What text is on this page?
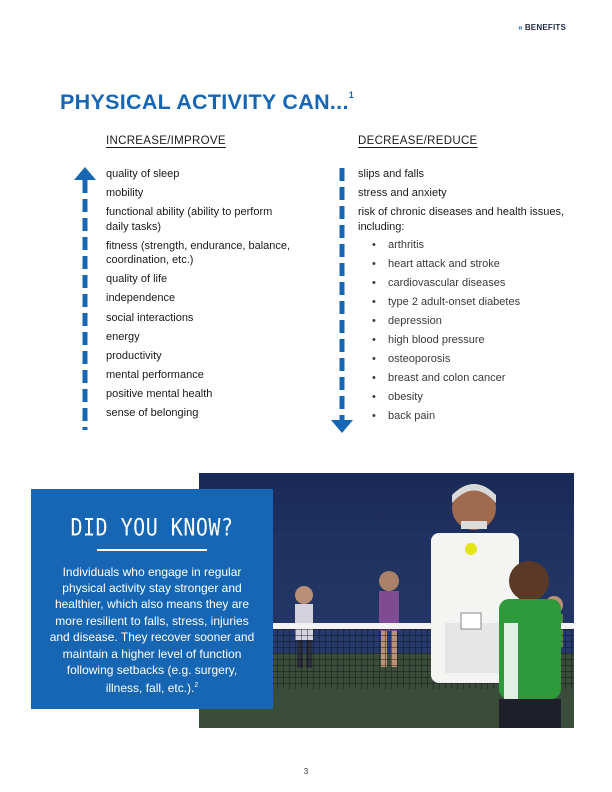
» BENEFITS
PHYSICAL ACTIVITY CAN...$^1$
INCREASE/IMPROVE	DECREASE/REDUCE
quality of sleep
mobility
functional ability (ability to perform daily tasks)
fitness (strength, endurance, balance, coordination, etc.)
quality of life
independence
social interactions
energy
productivity
mental performance
positive mental health
sense of belonging
slips and falls
stress and anxiety
risk of chronic diseases and health issues, including:
• arthritis
• heart attack and stroke
• cardiovascular diseases
• type 2 adult-onset diabetes
• depression
• high blood pressure
• osteoporosis
• breast and colon cancer
• obesity
• back pain
DID YOU KNOW?

Individuals who engage in regular physical activity stay stronger and healthier, which also means they are more resilient to falls, stress, injuries and disease. They recover sooner and maintain a higher level of function following setbacks (e.g. surgery, illness, fall, etc.).$^2$

3
